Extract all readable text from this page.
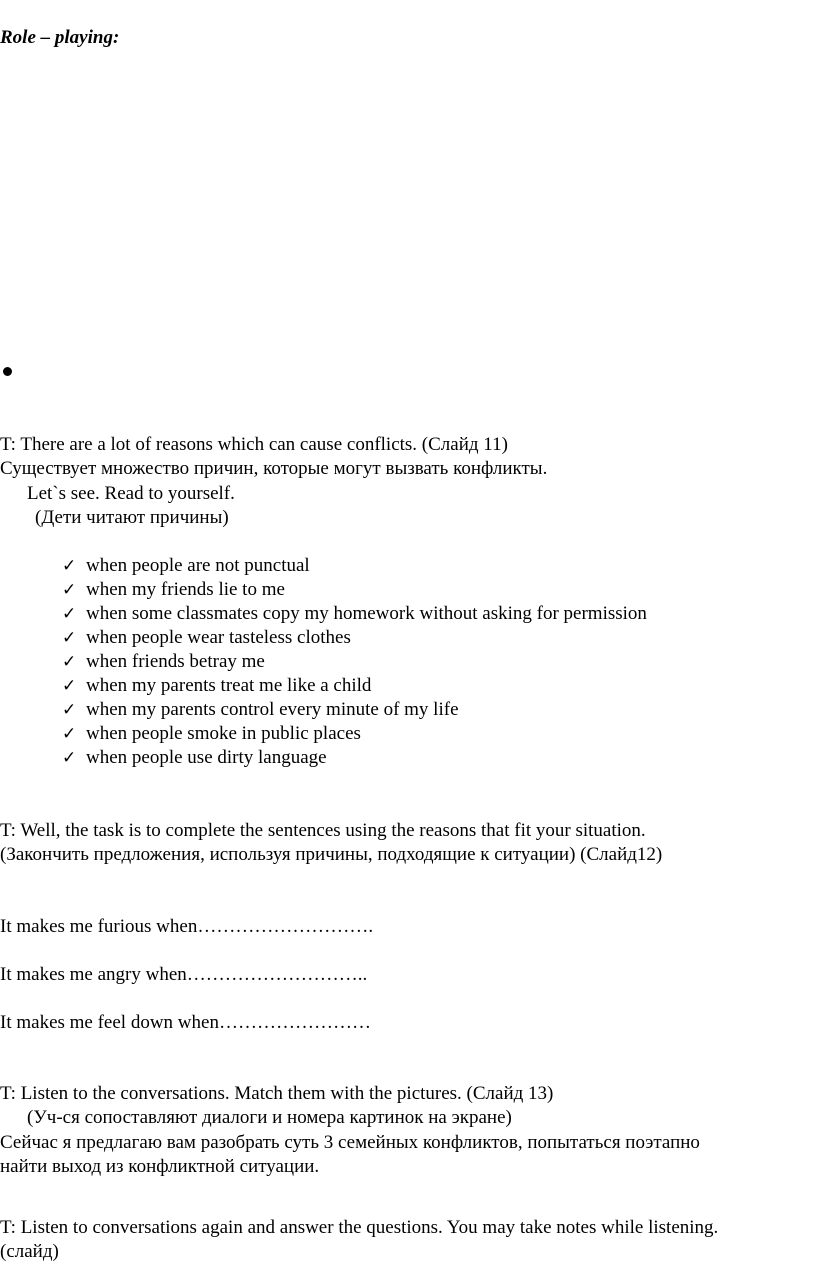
Role – playing:
T: There are a lot of reasons which can cause conflicts. (Слайд 11)
Существует множество причин, которые могут вызвать конфликты.
Let`s see. Read to yourself.
(Дети читают причины)
✓ when people are not punctual
✓ when my friends lie to me
✓ when some classmates copy my homework without asking for permission
✓ when people wear tasteless clothes
✓ when friends betray me
✓ when my parents treat me like a child
✓ when my parents control every minute of my life
✓ when people smoke in public places
✓ when people use dirty language
T: Well, the task is to complete the sentences using the reasons that fit your situation.
(Закончить предложения, используя причины, подходящие к ситуации) (Слайд12)
It makes me furious when……………………….
It makes me angry when………………………..
It makes me feel down when……………………
T: Listen to the conversations. Match them with the pictures. (Слайд 13)
(Уч-ся сопоставляют диалоги и номера картинок на экране)
Сейчас я предлагаю вам разобрать суть 3 семейных конфликтов, попытаться поэтапно
найти выход из конфликтной ситуации.
T: Listen to conversations again and answer the questions. You may take notes while listening.
(слайд)
